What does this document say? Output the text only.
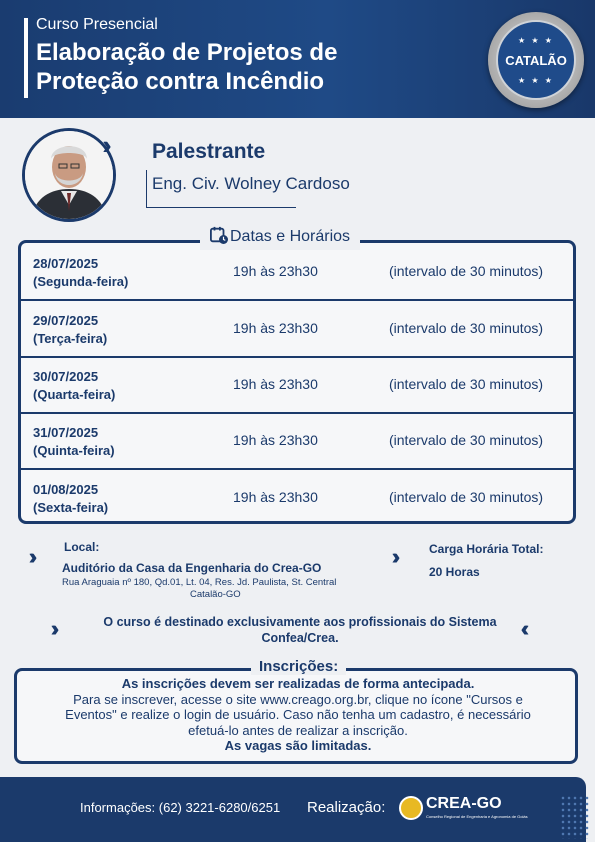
Curso Presencial
Elaboração de Projetos de
Proteção contra Incêndio
★ ★ ★
CATALÃO
★ ★ ★
Palestrante
Eng. Civ. Wolney Cardoso
28/07/2025
(Segunda-feira)
19h às 23h30	(intervalo de 30 minutos)
29/07/2025
(Terça-feira)
19h às 23h30	(intervalo de 30 minutos)
30/07/2025
(Quarta-feira)
19h às 23h30	(intervalo de 30 minutos)
31/07/2025
(Quinta-feira)
19h às 23h30	(intervalo de 30 minutos)
01/08/2025
(Sexta-feira)
19h às 23h30	(intervalo de 30 minutos)
Datas e Horários
Local:
Auditório da Casa da Engenharia do Crea-GO
Rua Araguaia nº 180, Qd.01, Lt. 04, Res. Jd. Paulista, St. Central
Catalão-GO
Carga Horária Total:
20 Horas
O curso é destinado exclusivamente aos profissionais do Sistema
Confea/Crea.
Inscrições:
As inscrições devem ser realizadas de forma antecipada.
Para se inscrever, acesse o site www.creago.org.br, clique no ícone "Cursos e
Eventos" e realize o login de usuário. Caso não tenha um cadastro, é necessário
efetuá-lo antes de realizar a inscrição.
As vagas são limitadas.
Informações: (62) 3221-6280/6251 Realização:	CREA-GO
Conselho Regional de Engenharia e Agronomia de Goiás
